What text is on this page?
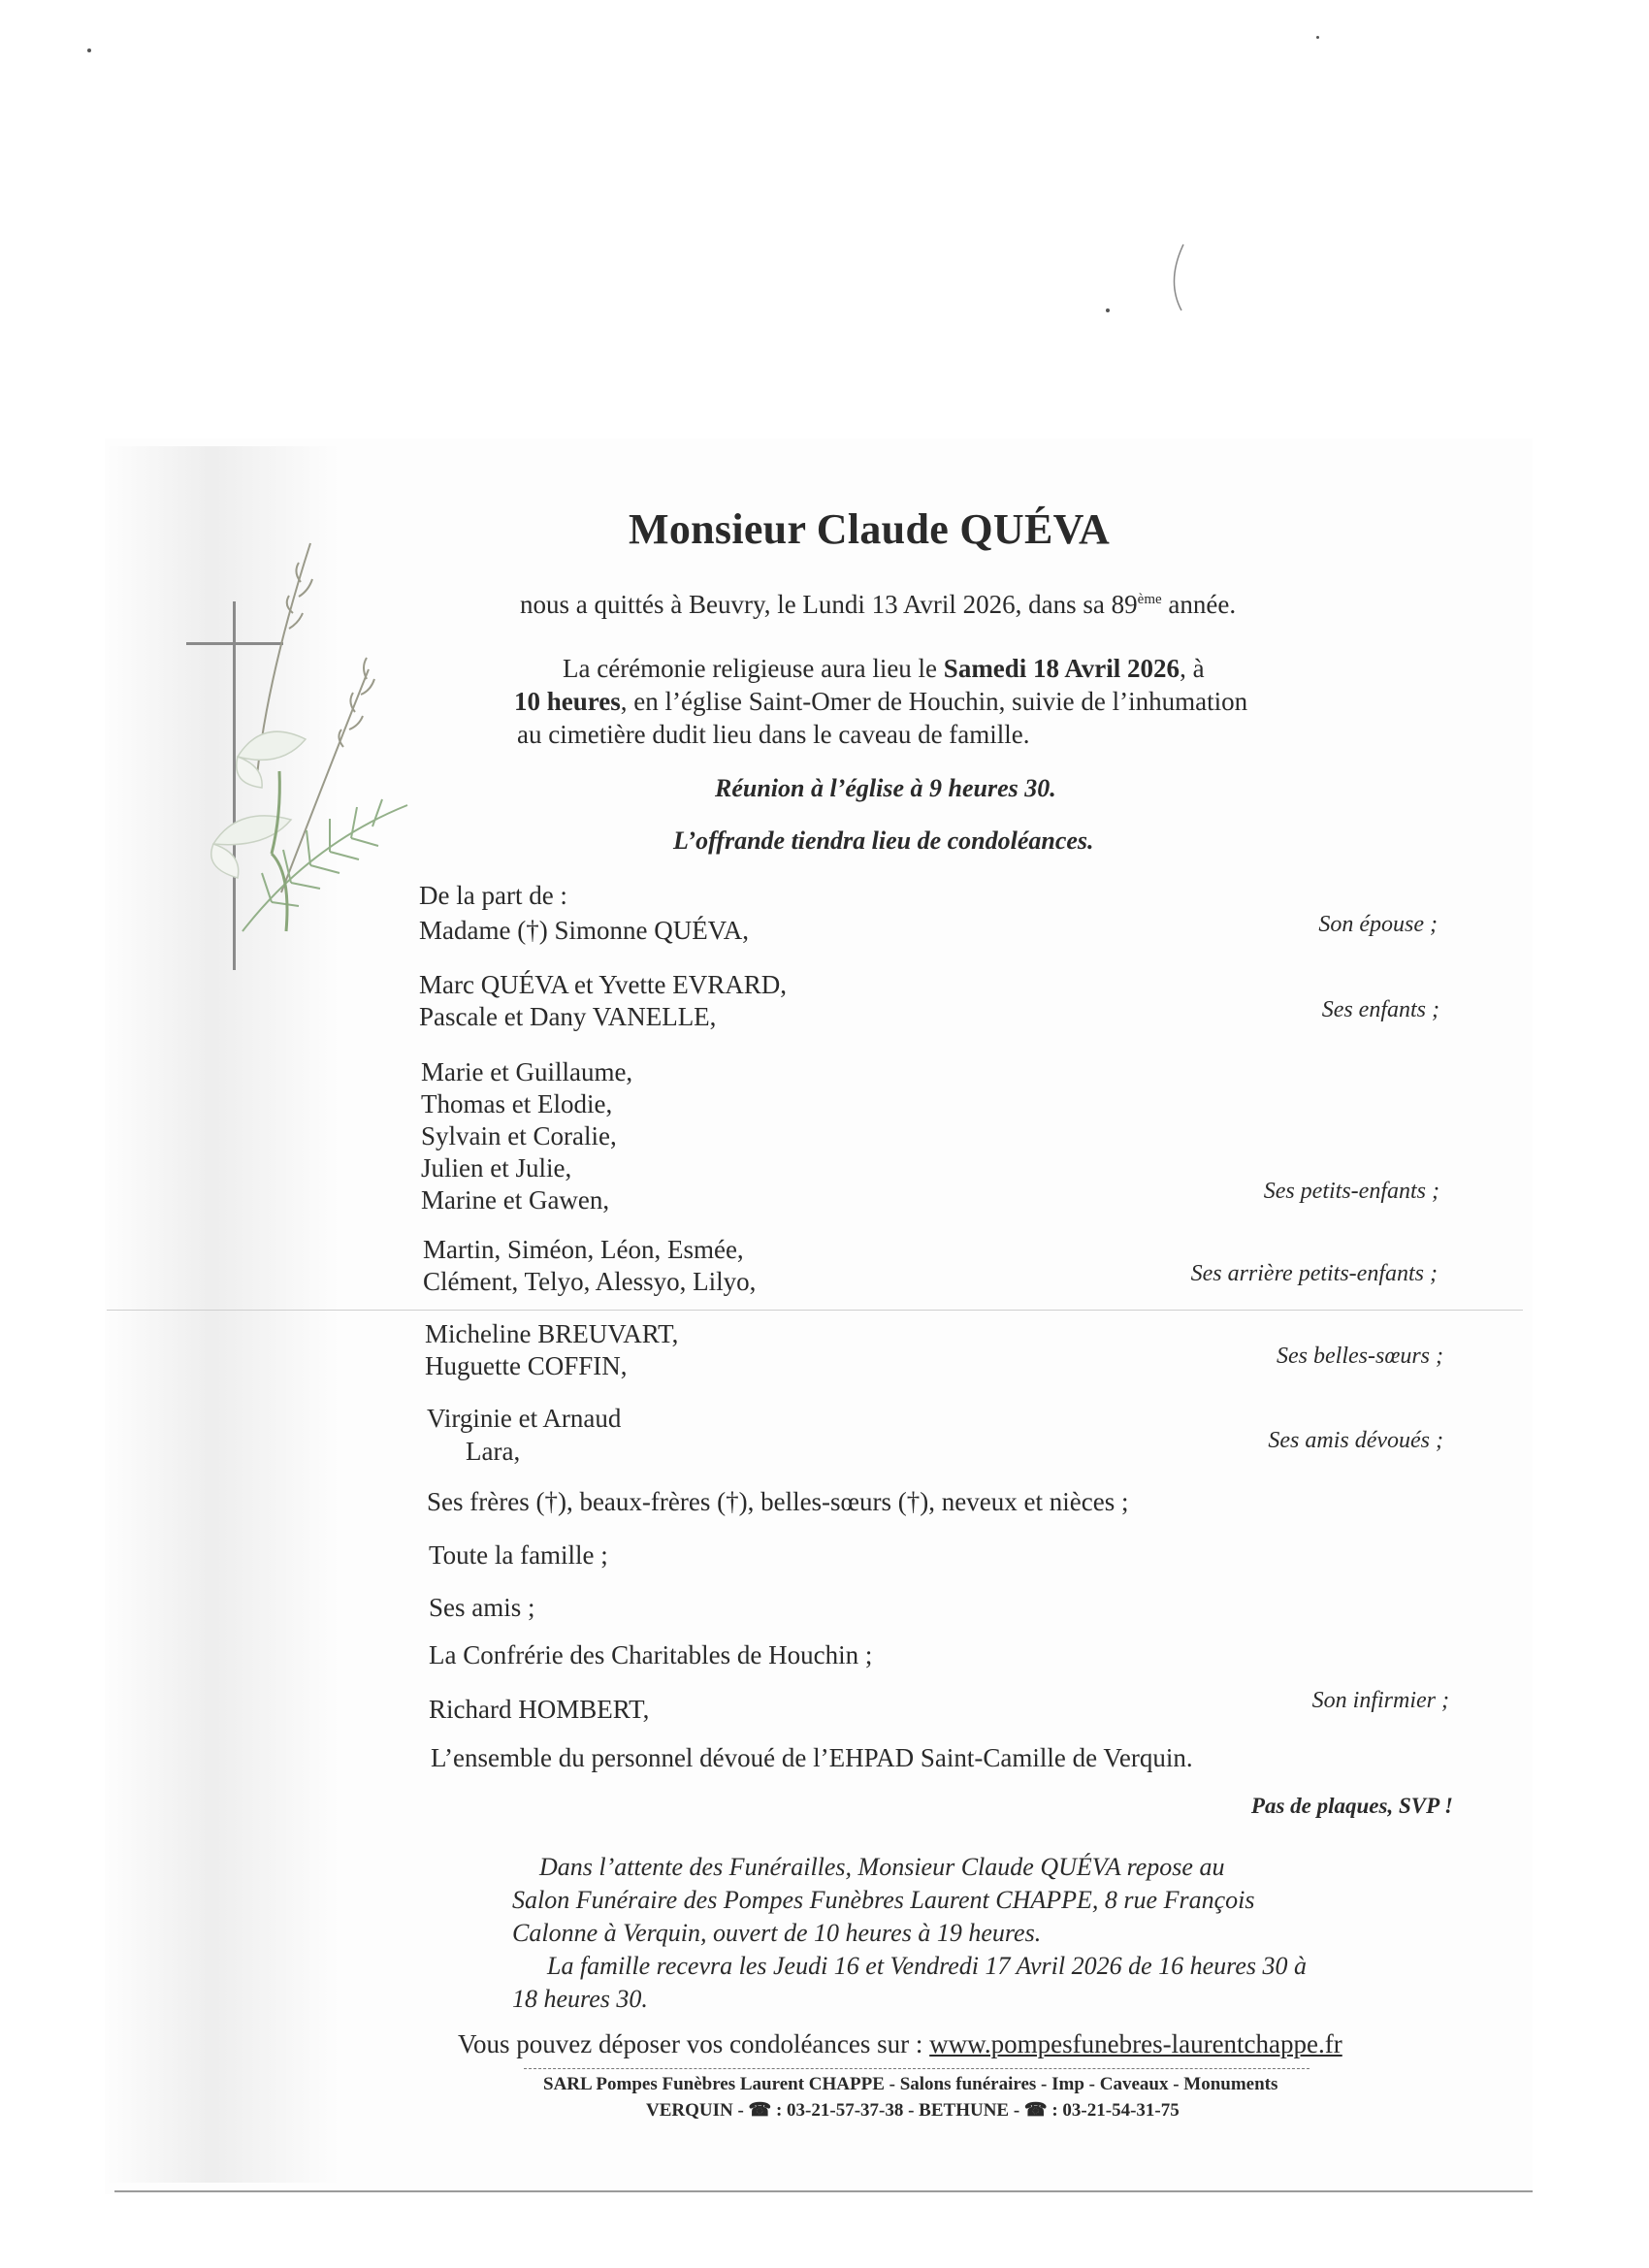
Monsieur Claude QUÉVA
nous a quittés à Beuvry, le Lundi 13 Avril 2026, dans sa 89ème année.
La cérémonie religieuse aura lieu le Samedi 18 Avril 2026, à
10 heures, en l’église Saint-Omer de Houchin, suivie de l’inhumation
au cimetière dudit lieu dans le caveau de famille.
Réunion à l’église à 9 heures 30.
L’offrande tiendra lieu de condoléances.
De la part de :
Madame (†) Simonne QUÉVA,	Son épouse ;
Marc QUÉVA et Yvette EVRARD,
Pascale et Dany VANELLE,	Ses enfants ;
Marie et Guillaume,
Thomas et Elodie,
Sylvain et Coralie,
Julien et Julie,
Marine et Gawen,	Ses petits-enfants ;
Martin, Siméon, Léon, Esmée,
Clément, Telyo, Alessyo, Lilyo,	Ses arrière petits-enfants ;
Micheline BREUVART,
Huguette COFFIN,	Ses belles-sœurs ;
Virginie et Arnaud
Lara,	Ses amis dévoués ;
Ses frères (†), beaux-frères (†), belles-sœurs (†), neveux et nièces ;
Toute la famille ;
Ses amis ;
La Confrérie des Charitables de Houchin ;
Richard HOMBERT,	Son infirmier ;
L’ensemble du personnel dévoué de l’EHPAD Saint-Camille de Verquin.
Pas de plaques, SVP !
Dans l’attente des Funérailles, Monsieur Claude QUÉVA repose au
Salon Funéraire des Pompes Funèbres Laurent CHAPPE, 8 rue François
Calonne à Verquin, ouvert de 10 heures à 19 heures.
La famille recevra les Jeudi 16 et Vendredi 17 Avril 2026 de 16 heures 30 à
18 heures 30.
Vous pouvez déposer vos condoléances sur : www.pompesfunebres-laurentchappe.fr
SARL Pompes Funèbres Laurent CHAPPE - Salons funéraires - Imp - Caveaux - Monuments
VERQUIN - ☎ : 03-21-57-37-38 - BETHUNE - ☎ : 03-21-54-31-75
